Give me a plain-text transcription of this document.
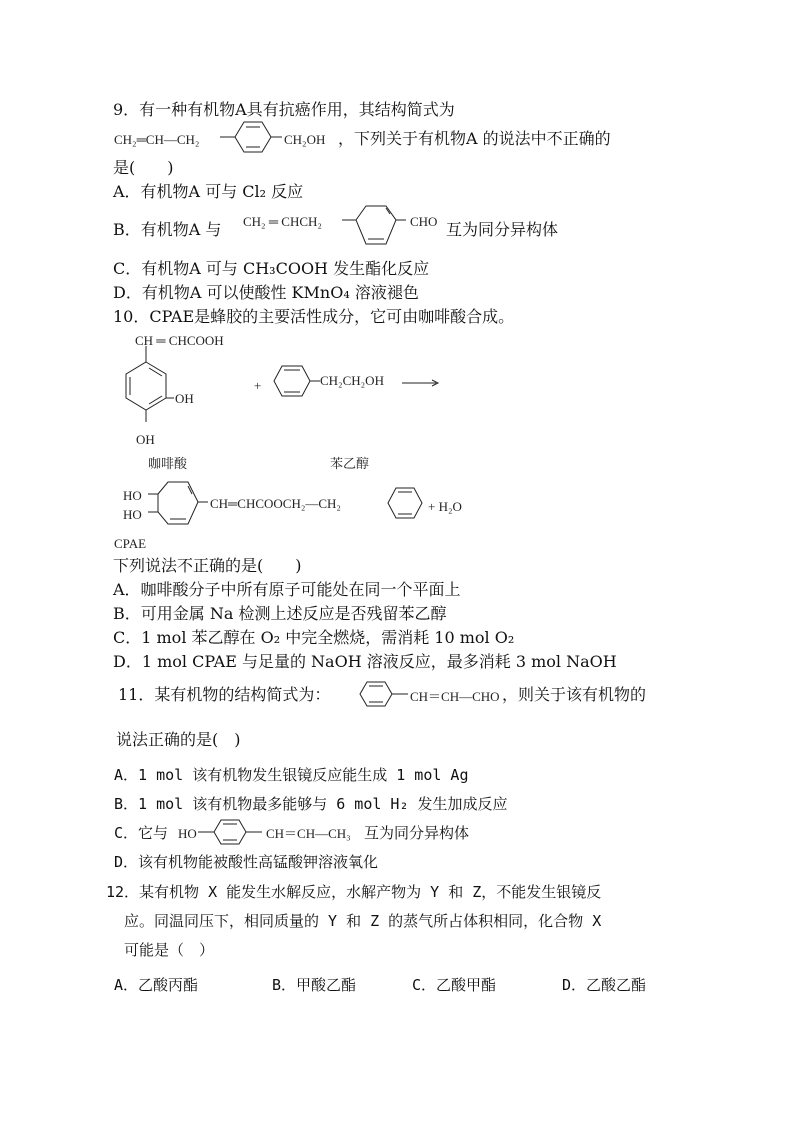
9．有一种有机物A具有抗癌作用，其结构简式为
CH₂═CH—CH₂	CH₂OH ，下列关于有机物A 的说法中不正确的
是(　　)
A．有机物A 可与 Cl₂ 反应
B．有机物A 与 CH₂ ═ CHCH₂	CHO 互为同分异构体
C．有机物A 可与 CH₃COOH 发生酯化反应
D．有机物A 可以使酸性 KMnO₄ 溶液褪色
10．CPAE是蜂胶的主要活性成分，它可由咖啡酸合成。
CH ═ CHCOOH
OH
OH
+	CH₂CH₂OH →
咖啡酸	苯乙醇
HO
HO
CH═CHCOOCH₂—CH₂	+ H₂O
CPAE
下列说法不正确的是(　　)
A．咖啡酸分子中所有原子可能处在同一个平面上
B．可用金属 Na 检测上述反应是否残留苯乙醇
C．1 mol 苯乙醇在 O₂ 中完全燃烧，需消耗 10 mol O₂
D．1 mol CPAE 与足量的 NaOH 溶液反应，最多消耗 3 mol NaOH
11．某有机物的结构简式为：	CH＝CH—CHO ，则关于该有机物的
说法正确的是(　)
A．1 mol 该有机物发生银镜反应能生成 1 mol Ag
B．1 mol 该有机物最多能够与 6 mol H₂ 发生加成反应
C．它与 HO	CH＝CH—CH₃ 互为同分异构体
D．该有机物能被酸性高锰酸钾溶液氧化
12．某有机物 X 能发生水解反应，水解产物为 Y 和 Z，不能发生银镜反
应。同温同压下，相同质量的 Y 和 Z 的蒸气所占体积相同，化合物 X
可能是（　）
A．乙酸丙酯	B．甲酸乙酯	C．乙酸甲酯	D．乙酸乙酯
